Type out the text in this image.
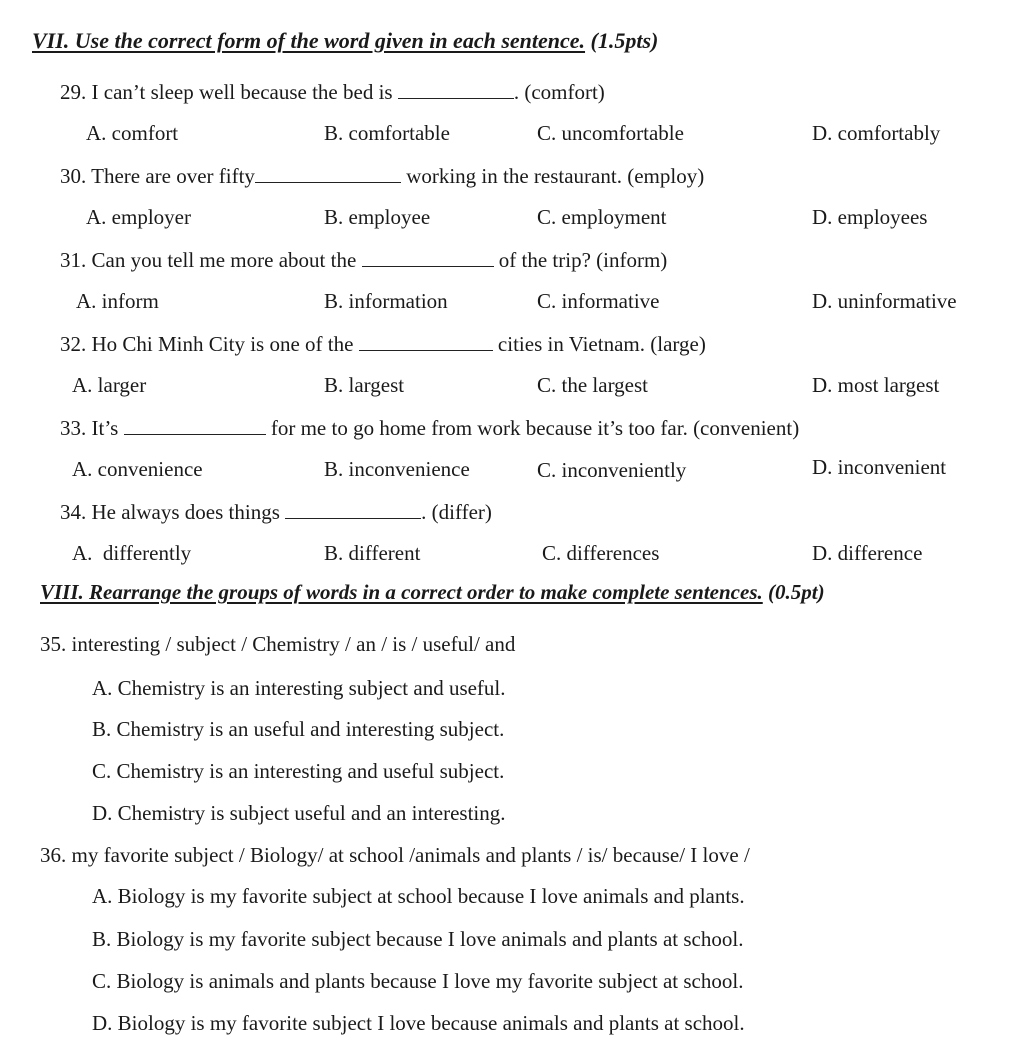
VII. Use the correct form of the word given in each sentence. (1.5pts)
29. I can’t sleep well because the bed is	. (comfort)
A. comfort	B. comfortable	C. uncomfortable	D. comfortably
30. There are over fifty	working in the restaurant. (employ)
A. employer	B. employee	C. employment	D. employees
31. Can you tell me more about the	of the trip? (inform)
A. inform	B. information	C. informative	D. uninformative
32. Ho Chi Minh City is one of the	cities in Vietnam. (large)
A. larger	B. largest	C. the largest	D. most largest
33. It’s	for me to go home from work because it’s too far. (convenient)
A. convenience	B. inconvenience	C. inconveniently	D. inconvenient
34. He always does things	. (differ)
A.  differently	B. different	C. differences	D. difference
VIII. Rearrange the groups of words in a correct order to make complete sentences. (0.5pt)
35. interesting / subject / Chemistry / an / is / useful/ and
A. Chemistry is an interesting subject and useful.
B. Chemistry is an useful and interesting subject.
C. Chemistry is an interesting and useful subject.
D. Chemistry is subject useful and an interesting.
36. my favorite subject / Biology/ at school /animals and plants / is/ because/ I love /
A. Biology is my favorite subject at school because I love animals and plants.
B. Biology is my favorite subject because I love animals and plants at school.
C. Biology is animals and plants because I love my favorite subject at school.
D. Biology is my favorite subject I love because animals and plants at school.
